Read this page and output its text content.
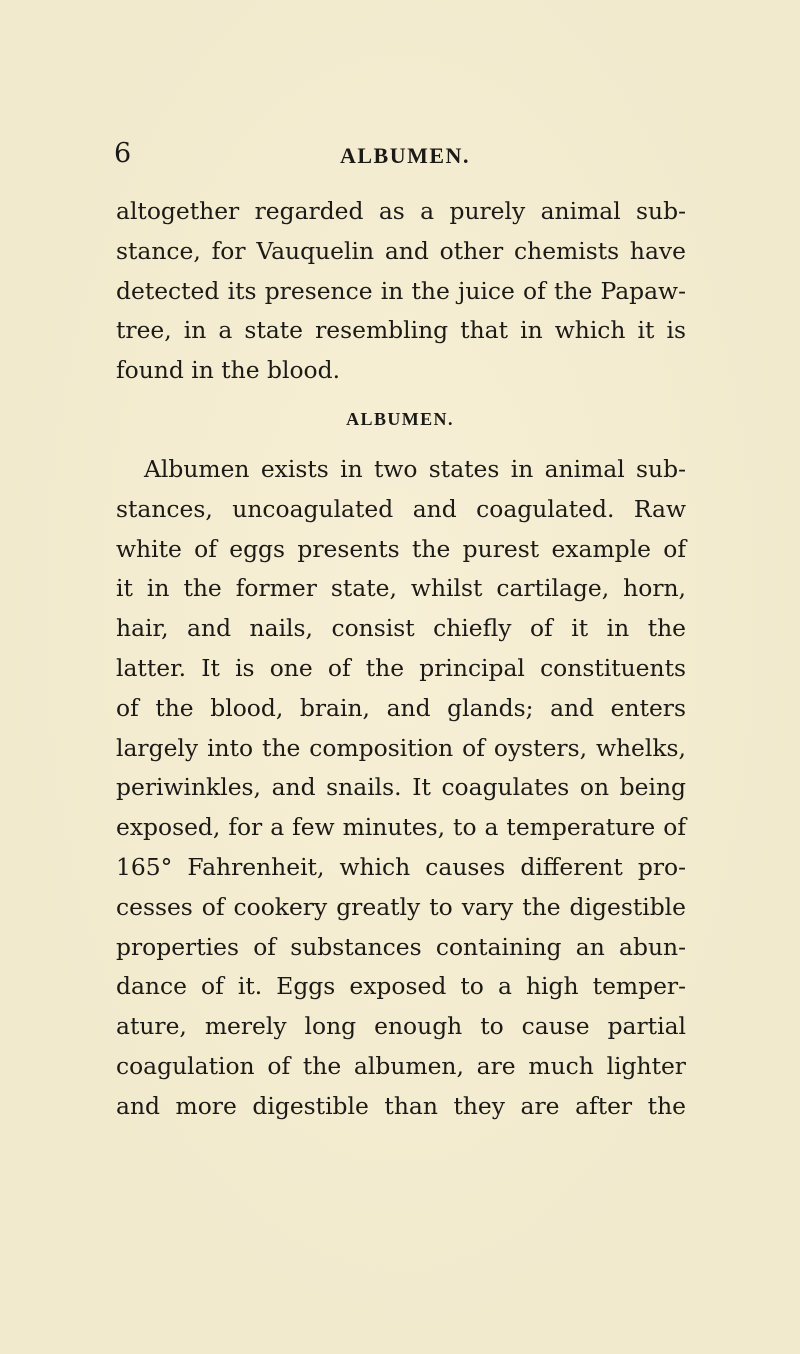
6	ALBUMEN.
altogether regarded as a purely animal sub-
stance, for Vauquelin and other chemists have
detected its presence in the juice of the Papaw-
tree, in a state resembling that in which it is
found in the blood.
ALBUMEN.
Albumen exists in two states in animal sub-
stances, uncoagulated and coagulated. Raw
white of eggs presents the purest example of
it in the former state, whilst cartilage, horn,
hair, and nails, consist chiefly of it in the
latter. It is one of the principal constituents
of the blood, brain, and glands; and enters
largely into the composition of oysters, whelks,
periwinkles, and snails. It coagulates on being
exposed, for a few minutes, to a temperature of
165° Fahrenheit, which causes different pro-
cesses of cookery greatly to vary the digestible
properties of substances containing an abun-
dance of it. Eggs exposed to a high temper-
ature, merely long enough to cause partial
coagulation of the albumen, are much lighter
and more digestible than they are after the
